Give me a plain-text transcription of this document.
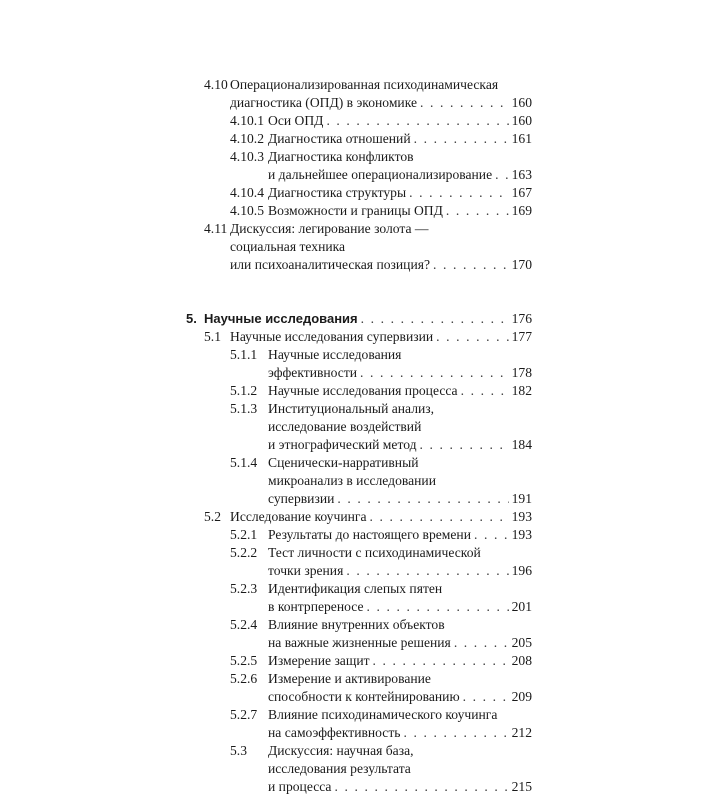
4.10 Операционализированная психодинамическая
диагностика (ОПД) в экономике . . .	160
4.10.1 Оси ОПД . . .	160
4.10.2 Диагностика отношений . . .	161
4.10.3 Диагностика конфликтов
и дальнейшее операционализирование . . . 163
4.10.4 Диагностика структуры . . .	167
4.10.5 Возможности и границы ОПД . . .	169
4.11 Дискуссия: легирование золота —
социальная техника
или психоаналитическая позиция? . . .	170
5. Научные исследования . . .	176
5.1 Научные исследования супервизии . . .	177
5.1.1 Научные исследования
эффективности . . .	178
5.1.2 Научные исследования процесса . . .	182
5.1.3 Институциональный анализ,
исследование воздействий
и этнографический метод . . .	184
5.1.4 Сценически-нарративный
микроанализ в исследовании
супервизии . . .	191
5.2 Исследование коучинга . . .	193
5.2.1 Результаты до настоящего времени . . .	193
5.2.2 Тест личности с психодинамической
точки зрения . . .	196
5.2.3 Идентификация слепых пятен
в контрпереносе . . .	201
5.2.4 Влияние внутренних объектов
на важные жизненные решения . . .	205
5.2.5 Измерение защит . . .	208
5.2.6 Измерение и активирование
способности к контейнированию . . .	209
5.2.7 Влияние психодинамического коучинга
на самоэффективность . . .	212
5.3 Дискуссия: научная база,
исследования результата
и процесса . . .	215
